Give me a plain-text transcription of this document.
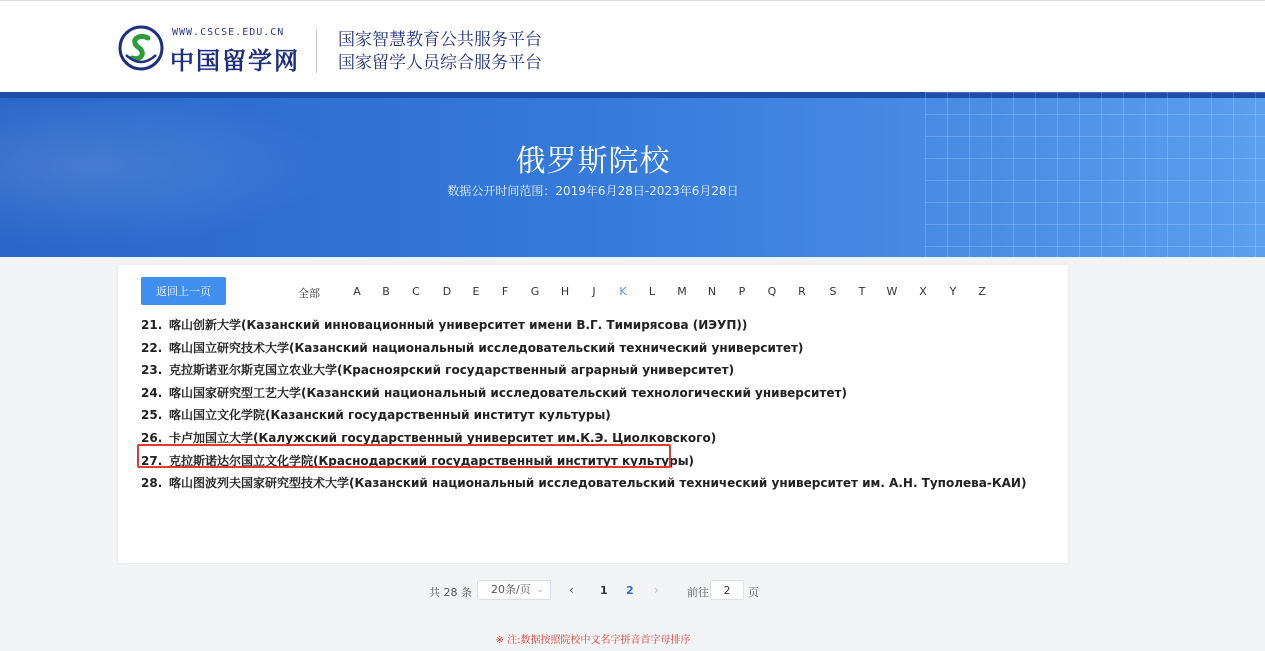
WWW.CSCSE.EDU.CN
中国留学网
国家智慧教育公共服务平台
国家留学人员综合服务平台
俄罗斯院校
数据公开时间范围：2019年6月28日-2023年6月28日
返回上一页	全部	A	B	C	D	E	F	G	H	J	K	L	M	N	P	Q	R	S	T	W	X	Y	Z
21. 喀山创新大学(Казанский инновационный университет имени В.Г. Тимирясова (ИЭУП))
22. 喀山国立研究技术大学(Казанский национальный исследовательский технический университет)
23. 克拉斯诺亚尔斯克国立农业大学(Красноярский государственный аграрный университет)
24. 喀山国家研究型工艺大学(Казанский национальный исследовательский технологический университет)
25. 喀山国立文化学院(Казанский государственный институт культуры)
26. 卡卢加国立大学(Калужский государственный университет им.К.Э. Циолковского)
27. 克拉斯诺达尔国立文化学院(Краснодарский государственный институт культуры)
28. 喀山图波列夫国家研究型技术大学(Казанский национальный исследовательский технический университет им. А.Н. Туполева-КАИ)
共 28 条	20条/页 ⌄ ‹ 1 2 ›	前往
2	页
※ 注:数据按照院校中文名字拼音首字母排序
